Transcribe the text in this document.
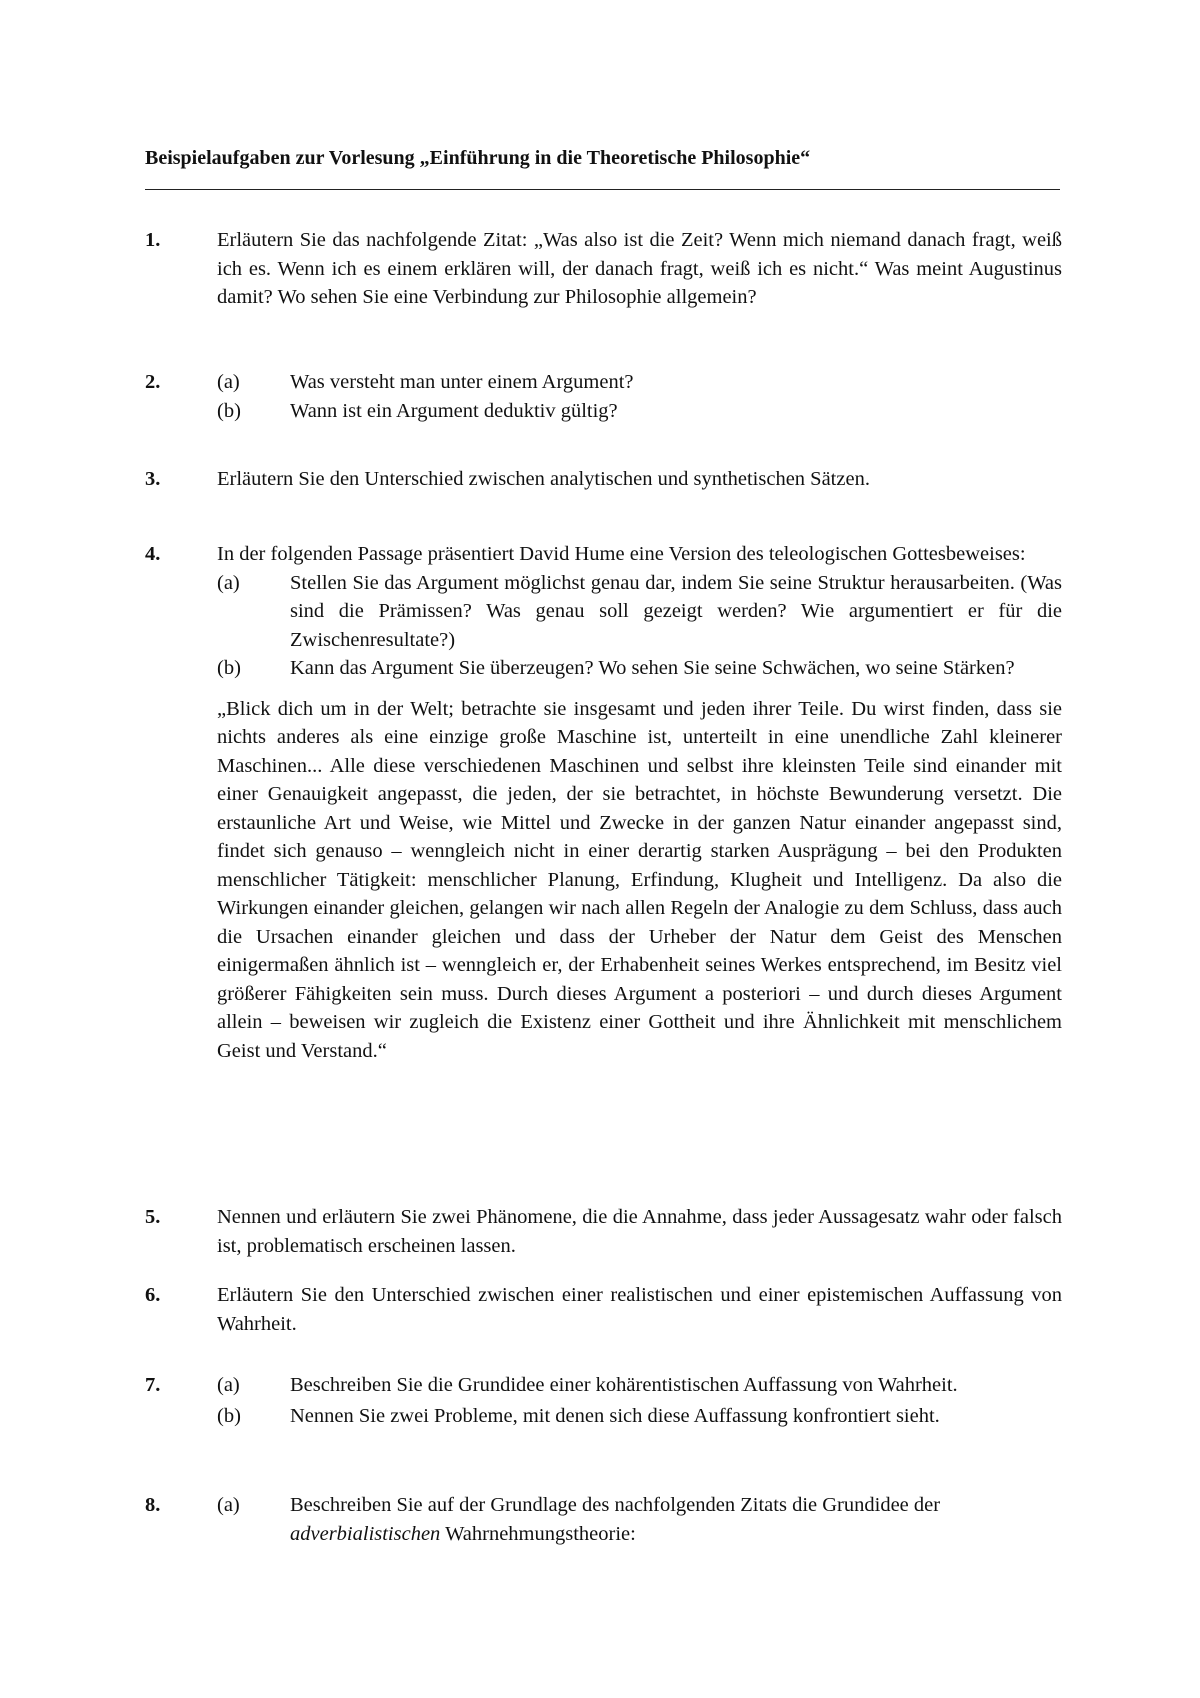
Beispielaufgaben zur Vorlesung „Einführung in die Theoretische Philosophie“
1.	Erläutern Sie das nachfolgende Zitat: „Was also ist die Zeit? Wenn mich niemand danach fragt, weiß ich es. Wenn ich es einem erklären will, der danach fragt, weiß ich es nicht.“ Was meint Augustinus damit? Wo sehen Sie eine Verbindung zur Philosophie allgemein?
2.	(a) Was versteht man unter einem Argument?
(b) Wann ist ein Argument deduktiv gültig?
3.	Erläutern Sie den Unterschied zwischen analytischen und synthetischen Sätzen.
4.	In der folgenden Passage präsentiert David Hume eine Version des teleologischen Gottesbeweises:
(a) Stellen Sie das Argument möglichst genau dar, indem Sie seine Struktur herausarbeiten. (Was sind die Prämissen? Was genau soll gezeigt werden? Wie argumentiert er für die Zwischenresultate?)
(b) Kann das Argument Sie überzeugen? Wo sehen Sie seine Schwächen, wo seine Stärken?
„Blick dich um in der Welt; betrachte sie insgesamt und jeden ihrer Teile. Du wirst finden, dass sie nichts anderes als eine einzige große Maschine ist, unterteilt in eine unendliche Zahl kleinerer Maschinen... Alle diese verschiedenen Maschinen und selbst ihre kleinsten Teile sind einander mit einer Genauigkeit angepasst, die jeden, der sie betrachtet, in höchste Bewunderung versetzt. Die erstaunliche Art und Weise, wie Mittel und Zwecke in der ganzen Natur einander angepasst sind, findet sich genauso – wenngleich nicht in einer derartig starken Ausprägung – bei den Produkten menschlicher Tätigkeit: menschlicher Planung, Erfindung, Klugheit und Intelligenz. Da also die Wirkungen einander gleichen, gelangen wir nach allen Regeln der Analogie zu dem Schluss, dass auch die Ursachen einander gleichen und dass der Urheber der Natur dem Geist des Menschen einigermaßen ähnlich ist – wenngleich er, der Erhabenheit seines Werkes entsprechend, im Besitz viel größerer Fähigkeiten sein muss. Durch dieses Argument a posteriori – und durch dieses Argument allein – beweisen wir zugleich die Existenz einer Gottheit und ihre Ähnlichkeit mit menschlichem Geist und Verstand.“
5.	Nennen und erläutern Sie zwei Phänomene, die die Annahme, dass jeder Aussagesatz wahr oder falsch ist, problematisch erscheinen lassen.
6.	Erläutern Sie den Unterschied zwischen einer realistischen und einer epistemischen Auffassung von Wahrheit.
7.	(a) Beschreiben Sie die Grundidee einer kohärentistischen Auffassung von Wahrheit.
(b) Nennen Sie zwei Probleme, mit denen sich diese Auffassung konfrontiert sieht.
8.	(a) Beschreiben Sie auf der Grundlage des nachfolgenden Zitats die Grundidee der adverbialistischen Wahrnehmungstheorie:
